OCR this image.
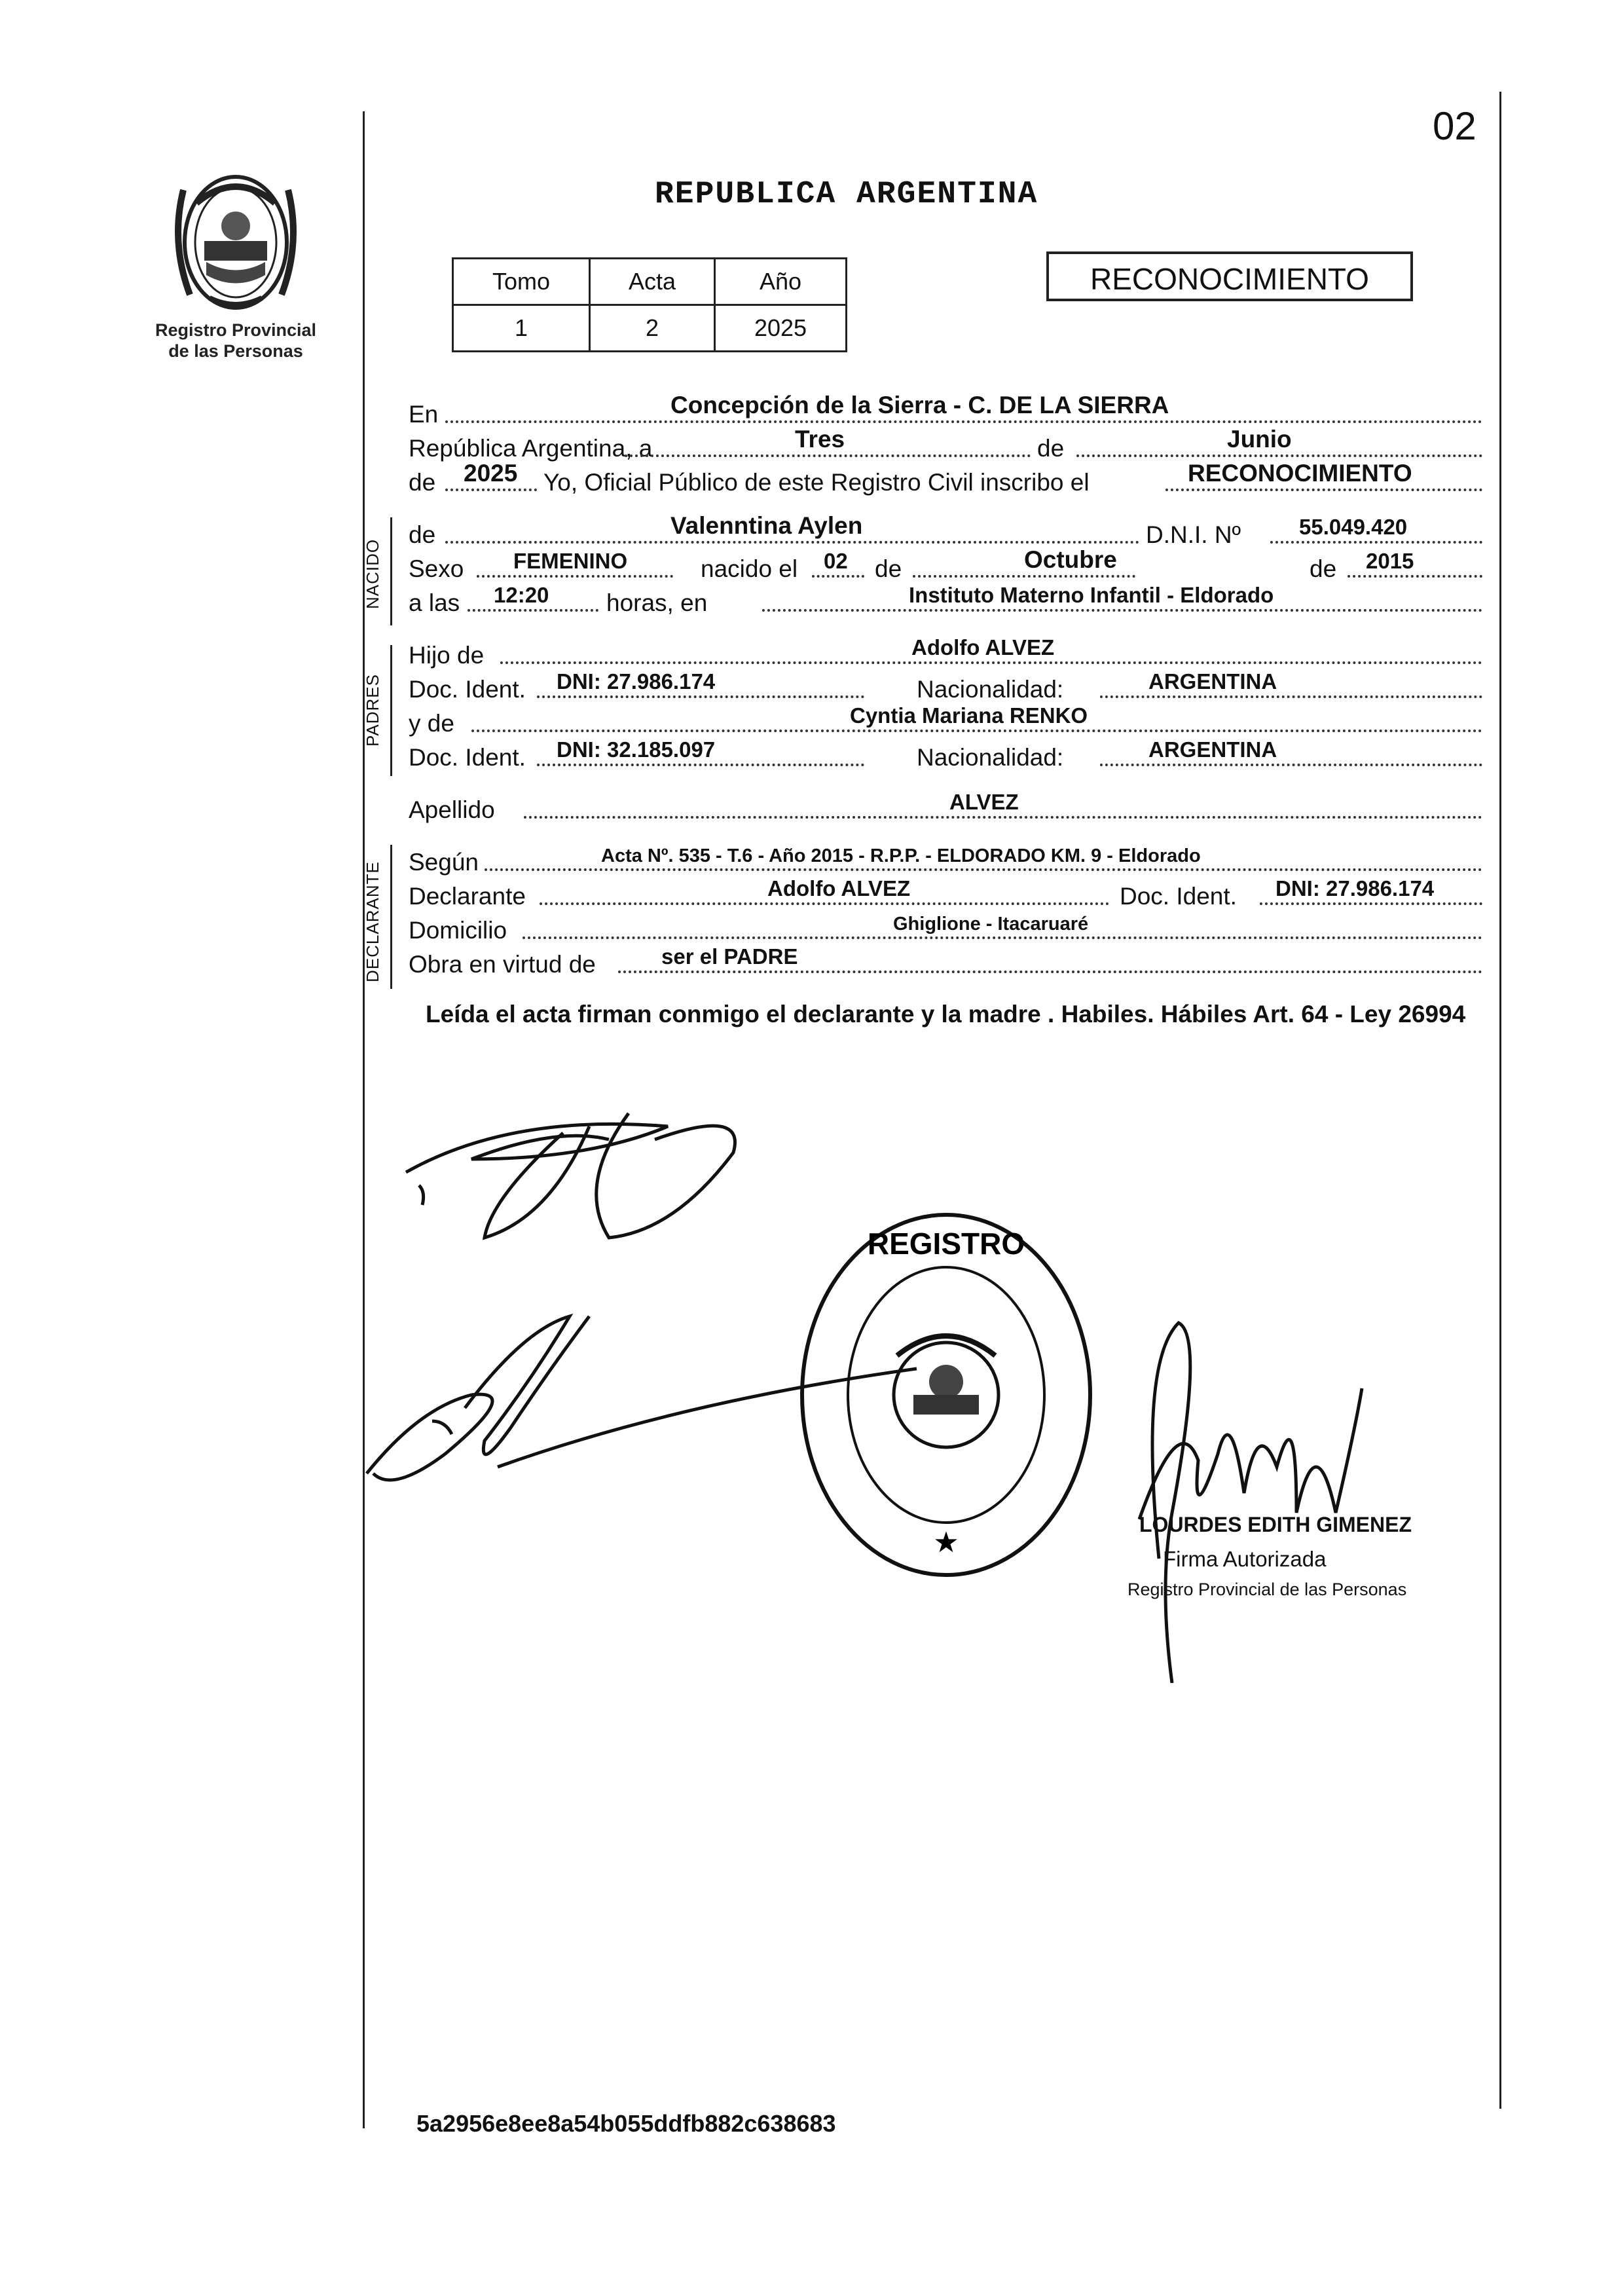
02
Registro Provincial
de las Personas
REPUBLICA ARGENTINA
Tomo	Acta	Año
1	2	2025
RECONOCIMIENTO
En	Concepción de la Sierra - C. DE LA SIERRA
República Argentina, a	Tres	de	Junio
de 2025 Yo, Oficial Público de este Registro Civil inscribo el	RECONOCIMIENTO
NACIDO
de	Valenntina Aylen	D.N.I. Nº	55.049.420
Sexo FEMENINO	nacido el 02 de	Octubre	de 2015
a las 12:20 horas, en	Instituto Materno Infantil - Eldorado
PADRES
Hijo de	Adolfo ALVEZ
Doc. Ident. DNI: 27.986.174	Nacionalidad:	ARGENTINA
y de	Cyntia Mariana RENKO
Doc. Ident. DNI: 32.185.097	Nacionalidad:	ARGENTINA
Apellido	ALVEZ
DECLARANTE Según	Acta Nº. 535 - T.6 - Año 2015 - R.P.P. - ELDORADO KM. 9 - Eldorado
Declarante	Adolfo ALVEZ	Doc. Ident. DNI: 27.986.174
Domicilio	Ghiglione - Itacaruaré
Obra en virtud de	ser el PADRE
Leída el acta firman conmigo el declarante y la madre . Habiles. Hábiles Art. 64 - Ley 26994
REGISTRO
★
LOURDES EDITH GIMENEZ
Firma Autorizada
Registro Provincial de las Personas
5a2956e8ee8a54b055ddfb882c638683
